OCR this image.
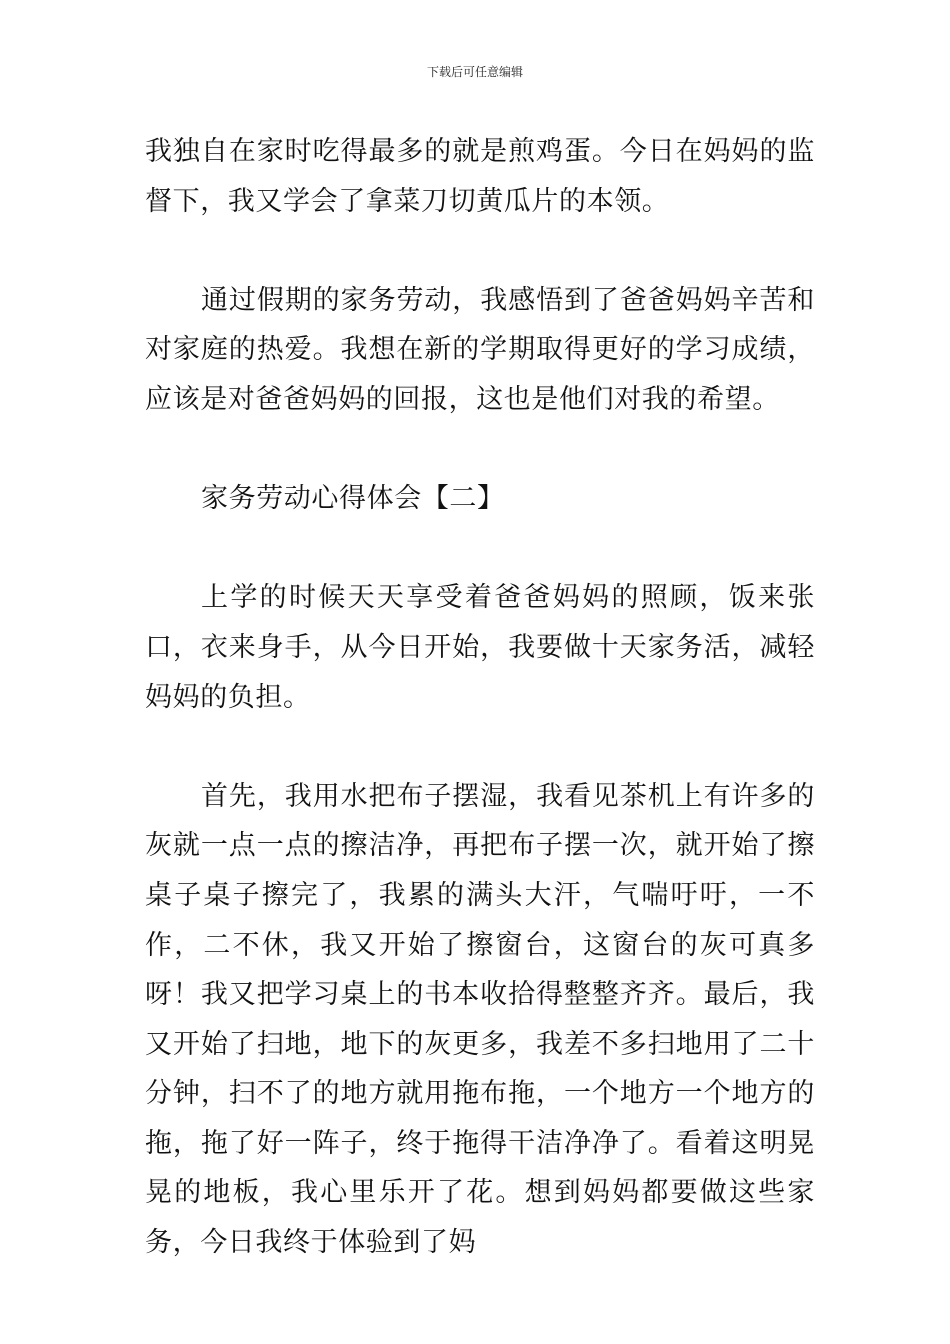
下载后可任意编辑

我独自在家时吃得最多的就是煎鸡蛋。今日在妈妈的监督下，我又学会了拿菜刀切黄瓜片的本领。

通过假期的家务劳动，我感悟到了爸爸妈妈辛苦和对家庭的热爱。我想在新的学期取得更好的学习成绩，应该是对爸爸妈妈的回报，这也是他们对我的希望。

家务劳动心得体会【二】

上学的时候天天享受着爸爸妈妈的照顾，饭来张口，衣来身手，从今日开始，我要做十天家务活，减轻妈妈的负担。

首先，我用水把布子摆湿，我看见茶机上有许多的灰就一点一点的擦洁净，再把布子摆一次，就开始了擦桌子桌子擦完了，我累的满头大汗，气喘吁吁，一不作，二不休，我又开始了擦窗台，这窗台的灰可真多呀！我又把学习桌上的书本收拾得整整齐齐。最后，我又开始了扫地，地下的灰更多，我差不多扫地用了二十分钟，扫不了的地方就用拖布拖，一个地方一个地方的拖，拖了好一阵子，终于拖得干洁净净了。看着这明晃晃的地板，我心里乐开了花。想到妈妈都要做这些家务，今日我终于体验到了妈
